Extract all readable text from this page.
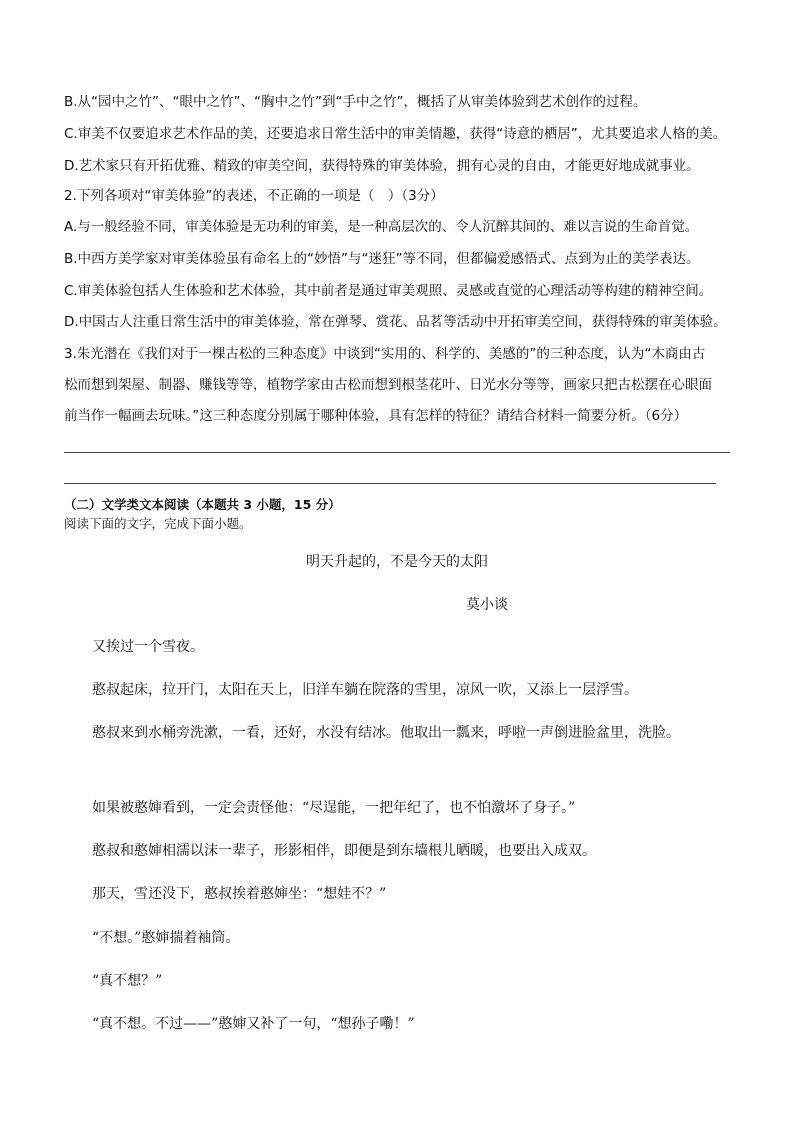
B.从“园中之竹”、“眼中之竹”、“胸中之竹”到“手中之竹”，概括了从审美体验到艺术创作的过程。
C.审美不仅要追求艺术作品的美，还要追求日常生活中的审美情趣，获得“诗意的栖居”，尤其要追求人格的美。
D.艺术家只有开拓优雅、精致的审美空间，获得特殊的审美体验，拥有心灵的自由，才能更好地成就事业。
2.下列各项对“审美体验”的表述，不正确的一项是（　）（3分）
A.与一般经验不同，审美体验是无功利的审美，是一种高层次的、令人沉醉其间的、难以言说的生命首觉。
B.中西方美学家对审美体验虽有命名上的“妙悟”与“迷狂”等不同，但都偏爱感悟式、点到为止的美学表达。
C.审美体验包括人生体验和艺术体验，其中前者是通过审美观照、灵感或直觉的心理活动等构建的精神空间。
D.中国古人注重日常生活中的审美体验，常在弹琴、赏花、品茗等活动中开拓审美空间，获得特殊的审美体验。
3.朱光潜在《我们对于一棵古松的三种态度》中谈到“实用的、科学的、美感的”的三种态度，认为“木商由古
松而想到架屋、制器、赚钱等等，植物学家由古松而想到根茎花叶、日光水分等等，画家只把古松摆在心眼面
前当作一幅画去玩味。”这三种态度分别属于哪种体验，具有怎样的特征？请结合材料一简要分析。（6分）
（二）文学类文本阅读（本题共 3 小题，15 分）
阅读下面的文字，完成下面小题。
明天升起的，不是今天的太阳
莫小谈
又挨过一个雪夜。
憨叔起床，拉开门，太阳在天上，旧洋车躺在院落的雪里，凉风一吹，又添上一层浮雪。
憨叔来到水桶旁洗漱，一看，还好，水没有结冰。他取出一瓢来，呼啦一声倒进脸盆里，洗脸。
如果被憨婶看到，一定会责怪他：“尽逞能，一把年纪了，也不怕激坏了身子。”
憨叔和憨婶相濡以沫一辈子，形影相伴，即便是到东墙根儿晒暖，也要出入成双。
那天，雪还没下，憨叔挨着憨婶坐：“想娃不？”
“不想。”憨婶揣着袖筒。
“真不想？”
“真不想。不过——”憨婶又补了一句，“想孙子嘞！”
